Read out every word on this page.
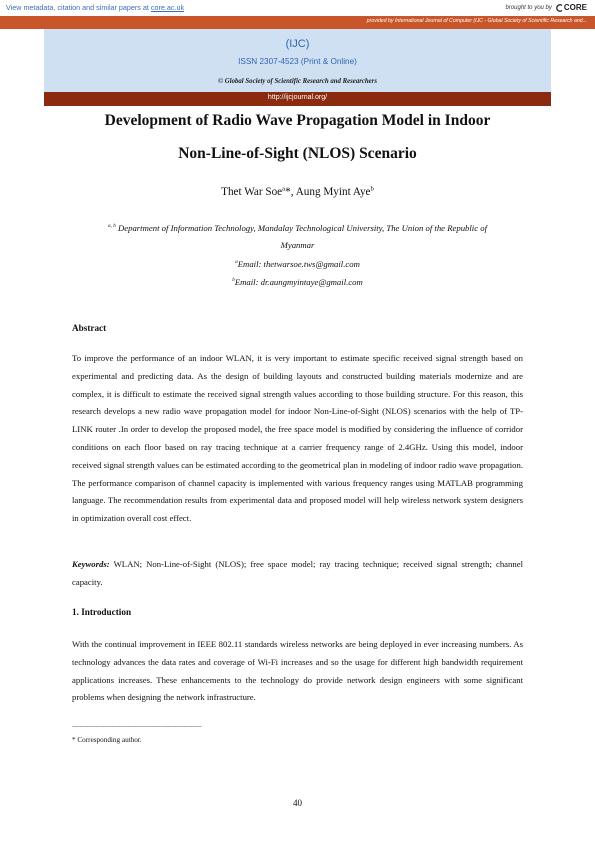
View metadata, citation and similar papers at core.ac.uk	brought to you by CORE
provided by International Journal of Computer (IJC - Global Society of Scientific Research and...
(IJC)
ISSN 2307-4523 (Print & Online)
© Global Society of Scientific Research and Researchers
http://ijcjournal.org/
Development of Radio Wave Propagation Model in Indoor
Non-Line-of-Sight (NLOS) Scenario
Thet War Soe$^a$*, Aung Myint Aye$^b$
$^{a, b}$ Department of Information Technology, Mandalay Technological University, The Union of the Republic of
Myanmar
$^a$Email: thetwarsoe.tws@gmail.com
$^b$Email: dr.aungmyintaye@gmail.com
Abstract
To improve the performance of an indoor WLAN, it is very important to estimate specific received signal strength based on experimental and predicting data. As the design of building layouts and constructed building materials modernize and are complex, it is difficult to estimate the received signal strength values according to those building structure. For this reason, this research develops a new radio wave propagation model for indoor Non-Line-of-Sight (NLOS) scenarios with the help of TP-LINK router .In order to develop the proposed model, the free space model is modified by considering the influence of corridor conditions on each floor based on ray tracing technique at a carrier frequency range of 2.4GHz. Using this model, indoor received signal strength values can be estimated according to the geometrical plan in modeling of indoor radio wave propagation. The performance comparison of channel capacity is implemented with various frequency ranges using MATLAB programming language. The recommendation results from experimental data and proposed model will help wireless network system designers in optimization overall cost effect.
Keywords: WLAN; Non-Line-of-Sight (NLOS); free space model; ray tracing technique; received signal strength; channel capacity.
1. Introduction
With the continual improvement in IEEE 802.11 standards wireless networks are being deployed in ever increasing numbers. As technology advances the data rates and coverage of Wi-Fi increases and so the usage for different high bandwidth requirement applications increases. These enhancements to the technology do provide network design engineers with some significant problems when designing the network infrastructure.
------------------------------------------------------------------------
* Corresponding author.
40
